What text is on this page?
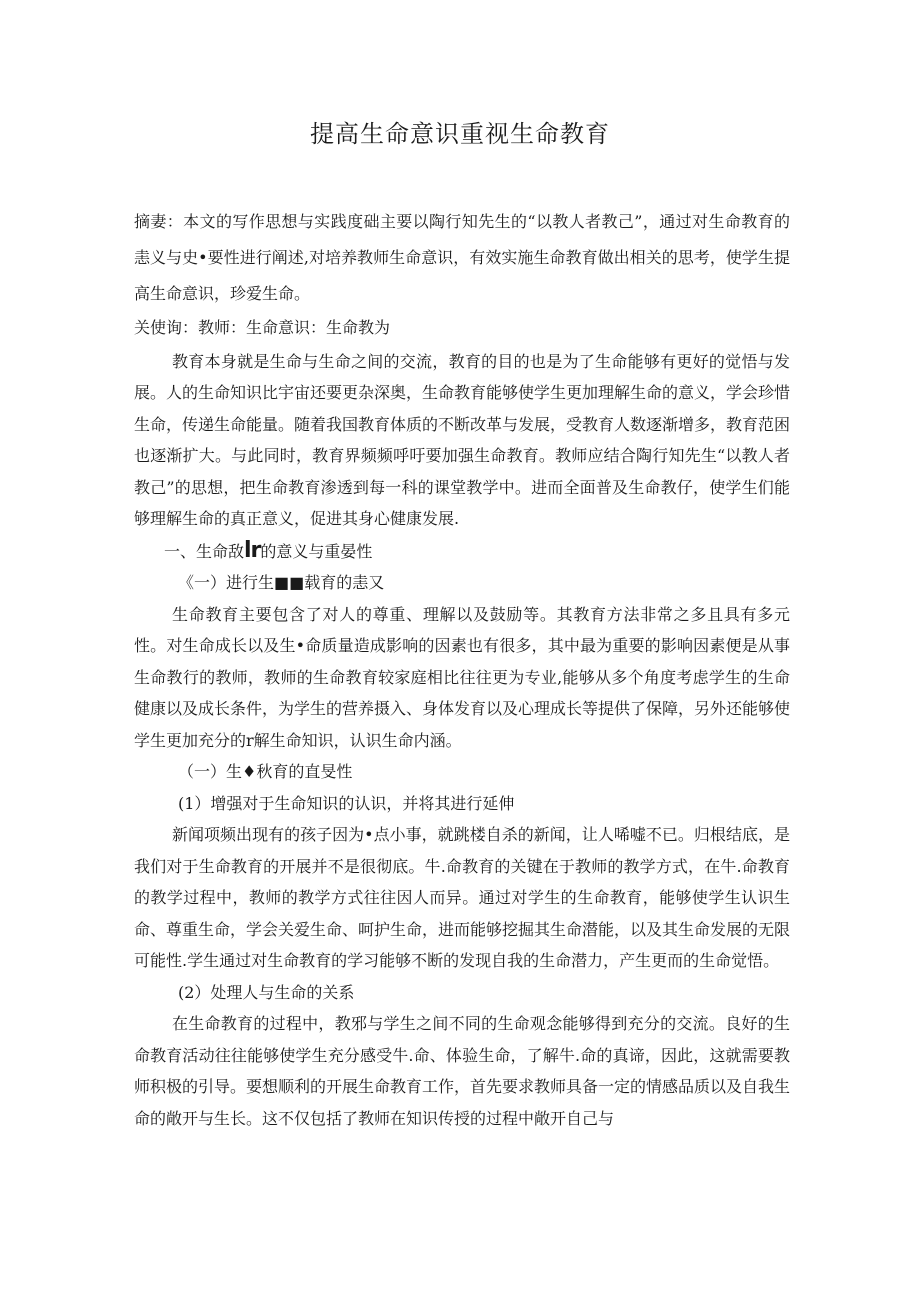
提高生命意识重视生命教育

摘妻：本文的写作思想与实践度础主要以陶行知先生的“以教人者教己”，通过对生命教育的恚义与史•要性进行阐述,对培养教师生命意识，有效实施生命教育做出相关的思考，使学生提高生命意识，珍爱生命。

关使询：教师：生命意识：生命教为

教育本身就是生命与生命之间的交流，教育的目的也是为了生命能够有更好的觉悟与发展。人的生命知识比宇宙还要更杂深奥，生命教育能够使学生更加理解生命的意义，学会珍惜生命，传递生命能量。随着我国教育体质的不断改革与发展，受教育人数逐渐增多，教育范困也逐渐扩大。与此同时，教育界频频呼吁要加强生命教育。教师应结合陶行知先生“以教人者教己”的思想，把生命教育渗透到每一科的课堂教学中。进而全面普及生命教仔，使学生们能够理解生命的真正意义，促进其身心健康发展.

一、生命敌lr的意义与重晏性

《一）进行生■■载育的恚又

生命教育主要包含了对人的尊重、理解以及鼓励等。其教育方法非常之多且具有多元性。对生命成长以及生•命质量造成影响的因素也有很多，其中最为重要的影响因素便是从事生命教行的教师，教师的生命教育较家庭相比往往更为专业,能够从多个角度考虑学生的生命健康以及成长条件，为学生的营养摄入、身体发育以及心理成长等提供了保障，另外还能够使学生更加充分的r解生命知识，认识生命内涵。

（一）生♦秋育的直旻性

(1）增强对于生命知识的认识，并将其进行延伸

新闻项频出现有的孩子因为•点小事，就跳楼自杀的新闻，让人唏嘘不已。归根结底，是我们对于生命教育的开展并不是很彻底。牛.命教育的关键在于教师的教学方式，在牛.命教育的教学过程中，教师的教学方式往往因人而异。通过对学生的生命教育，能够使学生认识生命、尊重生命，学会关爱生命、呵护生命，进而能够挖掘其生命潜能，以及其生命发展的无限可能性.学生通过对生命教育的学习能够不断的发现自我的生命潜力，产生更而的生命觉悟。

(2）处理人与生命的关系

在生命教育的过程中，教邪与学生之间不同的生命观念能够得到充分的交流。良好的生命教育活动往往能够使学生充分感受牛.命、体验生命，了解牛.命的真谛，因此，这就需要教师积极的引导。要想顺利的开展生命教育工作，首先要求教师具备一定的情感品质以及自我生命的敞开与生长。这不仅包括了教师在知识传授的过程中敞开自己与
